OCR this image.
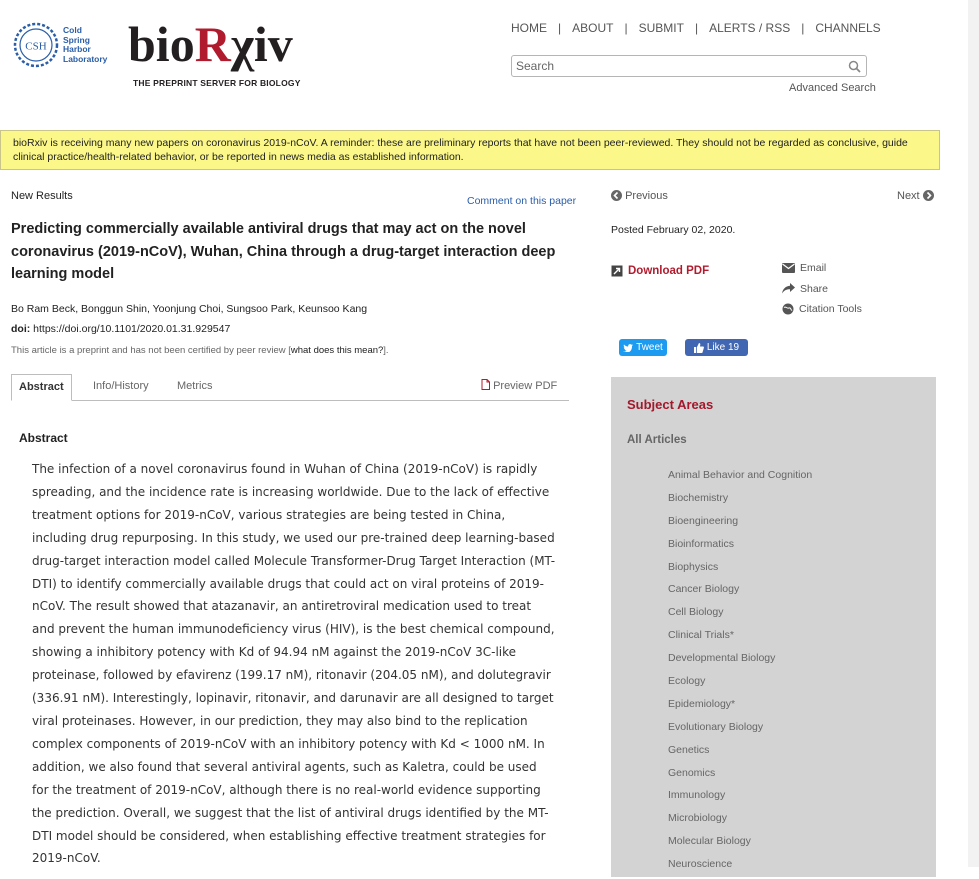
CSH
Cold
Spring
Harbor
Laboratory bioRχiv
THE PREPRINT SERVER FOR BIOLOGY
HOME | ABOUT | SUBMIT | ALERTS / RSS | CHANNELS
Search
Advanced Search
bioRxiv is receiving many new papers on coronavirus 2019-nCoV. A reminder: these are preliminary reports that have not been peer-reviewed. They should not be regarded as conclusive, guide clinical practice/health-related behavior, or be reported in news media as established information.
New Results	Comment on this paper
Predicting commercially available antiviral drugs that may act on the novel coronavirus (2019-nCoV), Wuhan, China through a drug-target interaction deep learning model
Bo Ram Beck, Bonggun Shin, Yoonjung Choi, Sungsoo Park, Keunsoo Kang
doi: https://doi.org/10.1101/2020.01.31.929547
This article is a preprint and has not been certified by peer review [what does this mean?].
Abstract	Info/History	Metrics	Preview PDF
Abstract
The infection of a novel coronavirus found in Wuhan of China (2019-nCoV) is rapidly spreading, and the incidence rate is increasing worldwide. Due to the lack of effective treatment options for 2019-nCoV, various strategies are being tested in China, including drug repurposing. In this study, we used our pre-trained deep learning-based drug-target interaction model called Molecule Transformer-Drug Target Interaction (MT-DTI) to identify commercially available drugs that could act on viral proteins of 2019-nCoV. The result showed that atazanavir, an antiretroviral medication used to treat and prevent the human immunodeficiency virus (HIV), is the best chemical compound, showing a inhibitory potency with Kd of 94.94 nM against the 2019-nCoV 3C-like proteinase, followed by efavirenz (199.17 nM), ritonavir (204.05 nM), and dolutegravir (336.91 nM). Interestingly, lopinavir, ritonavir, and darunavir are all designed to target viral proteinases. However, in our prediction, they may also bind to the replication complex components of 2019-nCoV with an inhibitory potency with Kd < 1000 nM. In addition, we also found that several antiviral agents, such as Kaletra, could be used for the treatment of 2019-nCoV, although there is no real-world evidence supporting the prediction. Overall, we suggest that the list of antiviral drugs identified by the MT-DTI model should be considered, when establishing effective treatment strategies for 2019-nCoV.
Previous	Next
Posted February 02, 2020.
Download PDF	Email
Share
Citation Tools
Tweet	Like 19
Subject Areas
All Articles
Animal Behavior and Cognition
Biochemistry
Bioengineering
Bioinformatics
Biophysics
Cancer Biology
Cell Biology
Clinical Trials*
Developmental Biology
Ecology
Epidemiology*
Evolutionary Biology
Genetics
Genomics
Immunology
Microbiology
Molecular Biology
Neuroscience
